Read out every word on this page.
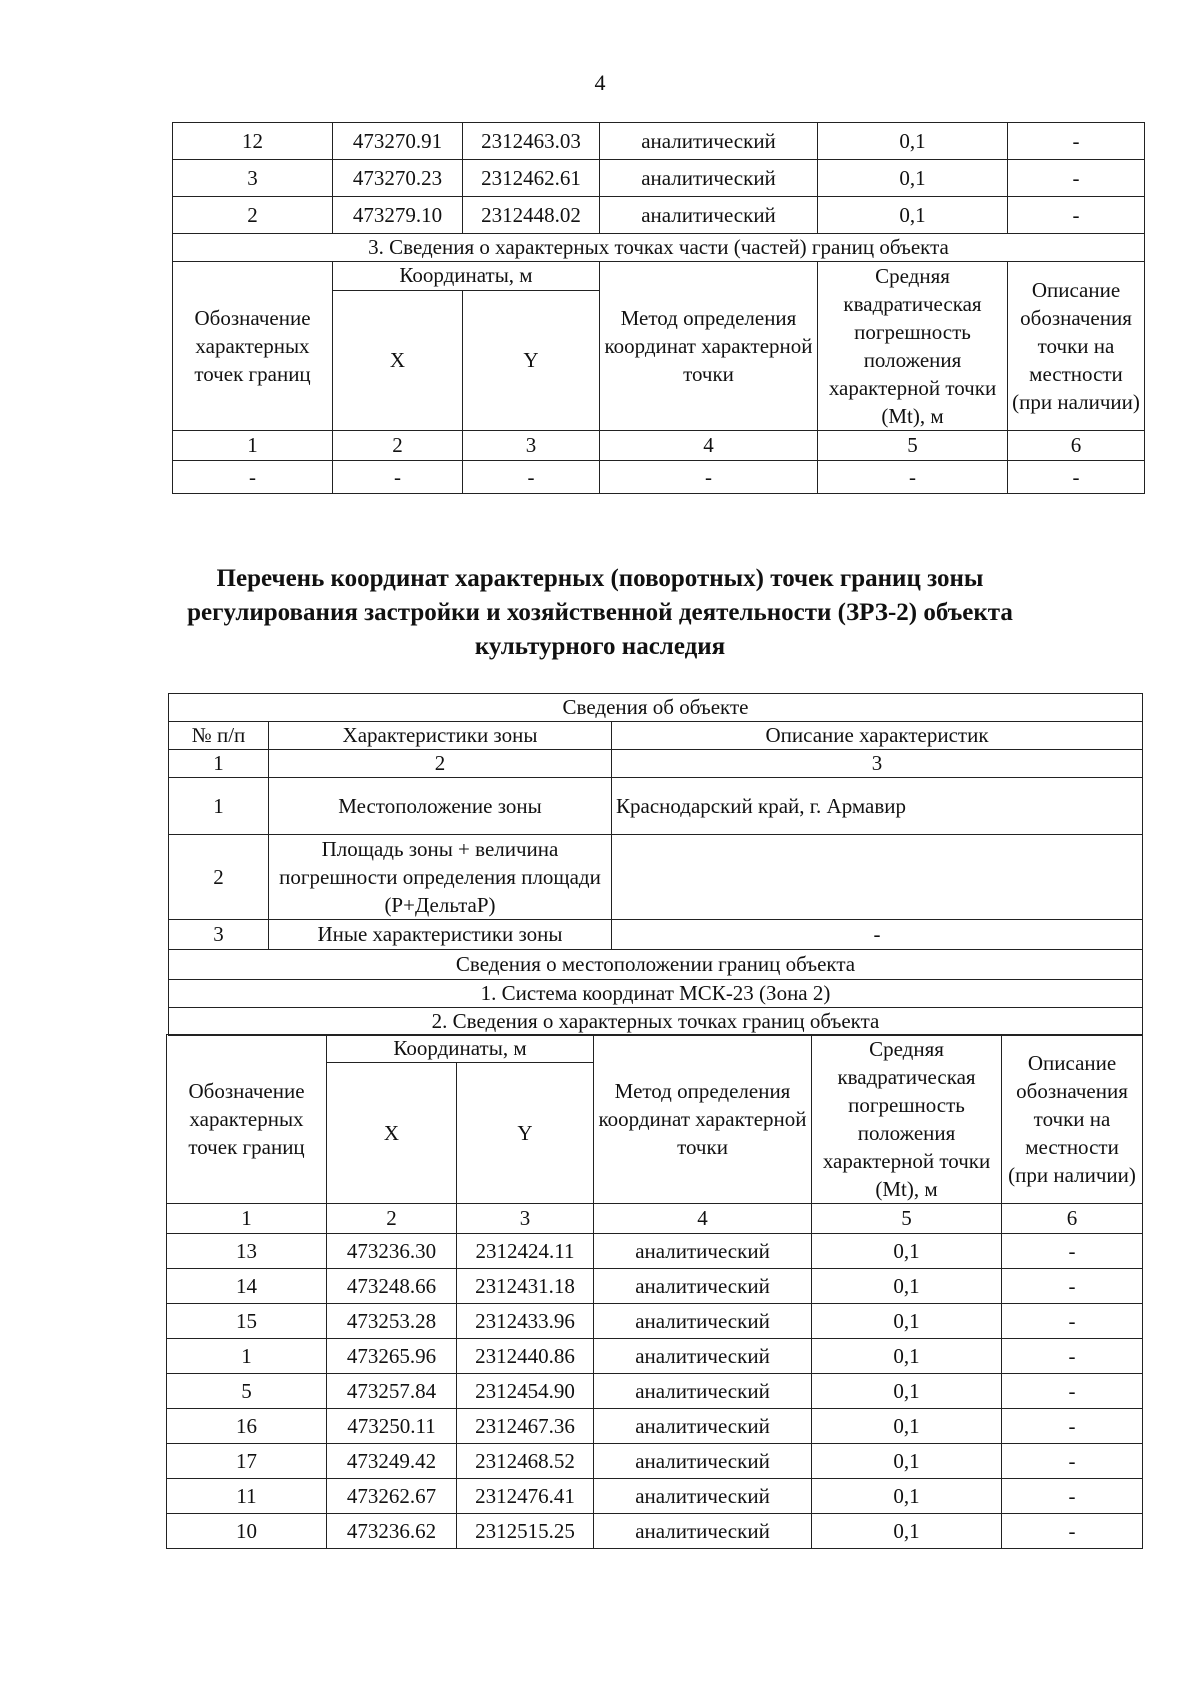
4
12	473270.91	2312463.03	аналитический	0,1	-
3	473270.23	2312462.61	аналитический	0,1	-
2	473279.10	2312448.02	аналитический	0,1	-
3. Сведения о характерных точках части (частей) границ объекта					
Обозначение характерных точек границ	Координаты, м		Метод определения координат характерной точки	Средняя квадратическая погрешность положения характерной точки (Mt), м	Описание обозначения точки на местности (при наличии)
	X	Y			
1	2	3	4	5	6
-	-	-	-	-	-
Перечень координат характерных (поворотных) точек границ зоны
регулирования застройки и хозяйственной деятельности (ЗРЗ-2) объекта
культурного наследия
Сведения об объекте		
№ п/п	Характеристики зоны	Описание характеристик
1	2	3
1	Местоположение зоны	Краснодарский край, г. Армавир
2	Площадь зоны + величина погрешности определения площади (P+ДельтаP)	
3	Иные характеристики зоны	-
Сведения о местоположении границ объекта		
1. Система координат МСК-23 (Зона 2)		
2. Сведения о характерных точках границ объекта		
Обозначение характерных точек границ	Координаты, м		Метод определения координат характерной точки	Средняя квадратическая погрешность положения характерной точки (Mt), м	Описание обозначения точки на местности (при наличии)
	X	Y			
1	2	3	4	5	6
13	473236.30	2312424.11	аналитический	0,1	-
14	473248.66	2312431.18	аналитический	0,1	-
15	473253.28	2312433.96	аналитический	0,1	-
1	473265.96	2312440.86	аналитический	0,1	-
5	473257.84	2312454.90	аналитический	0,1	-
16	473250.11	2312467.36	аналитический	0,1	-
17	473249.42	2312468.52	аналитический	0,1	-
11	473262.67	2312476.41	аналитический	0,1	-
10	473236.62	2312515.25	аналитический	0,1	-
